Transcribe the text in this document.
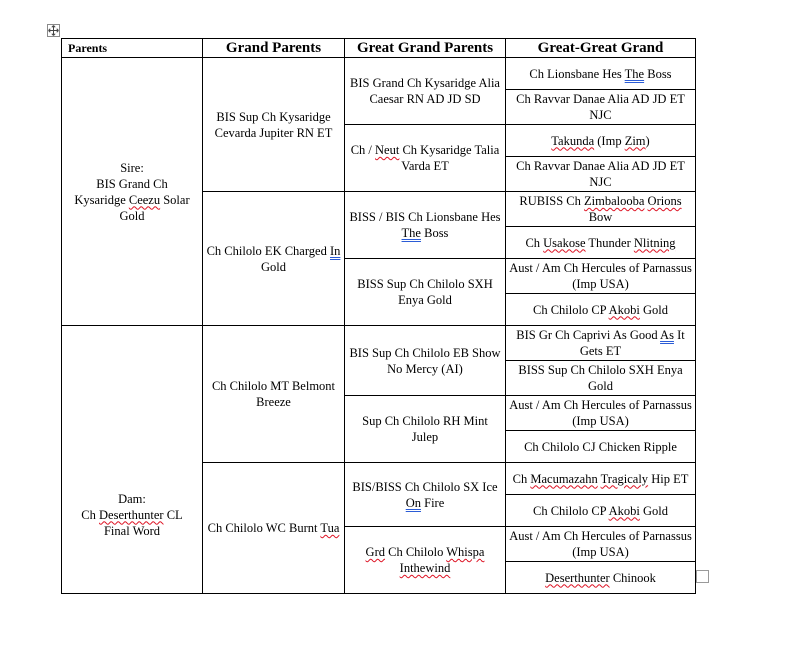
Parents	Grand Parents	Great Grand Parents	Great-Great Grand

Sire:
BIS Grand Ch
Kysaridge Ceezu Solar
Gold	BIS Sup Ch Kysaridge Cevarda Jupiter RN ET	BIS Grand Ch Kysaridge Alia Caesar RN AD JD SD	Ch Lionsbane Hes The Boss
			Ch Ravvar Danae Alia AD JD ET NJC
		Ch / Neut Ch Kysaridge Talia Varda ET	Takunda (Imp Zim)
			Ch Ravvar Danae Alia AD JD ET NJC
	Ch Chilolo EK Charged In Gold	BISS / BIS Ch Lionsbane Hes The Boss	RUBISS Ch Zimbalooba Orions Bow
			Ch Usakose Thunder Nlitning
		BISS Sup Ch Chilolo SXH Enya Gold	Aust / Am Ch Hercules of Parnassus (Imp USA)
			Ch Chilolo CP Akobi Gold

Dam:
Ch Deserthunter CL
Final Word	Ch Chilolo MT Belmont Breeze	BIS Sup Ch Chilolo EB Show No Mercy (AI)	BIS Gr Ch Caprivi As Good As It Gets ET
			BISS Sup Ch Chilolo SXH Enya Gold
		Sup Ch Chilolo RH Mint Julep	Aust / Am Ch Hercules of Parnassus (Imp USA)
			Ch Chilolo CJ Chicken Ripple
	Ch Chilolo WC Burnt Tua	BIS/BISS Ch Chilolo SX Ice On Fire	Ch Macumazahn Tragicaly Hip ET
			Ch Chilolo CP Akobi Gold
		Grd Ch Chilolo Whispa
Inthewind	Aust / Am Ch Hercules of Parnassus (Imp USA)
			Deserthunter Chinook
